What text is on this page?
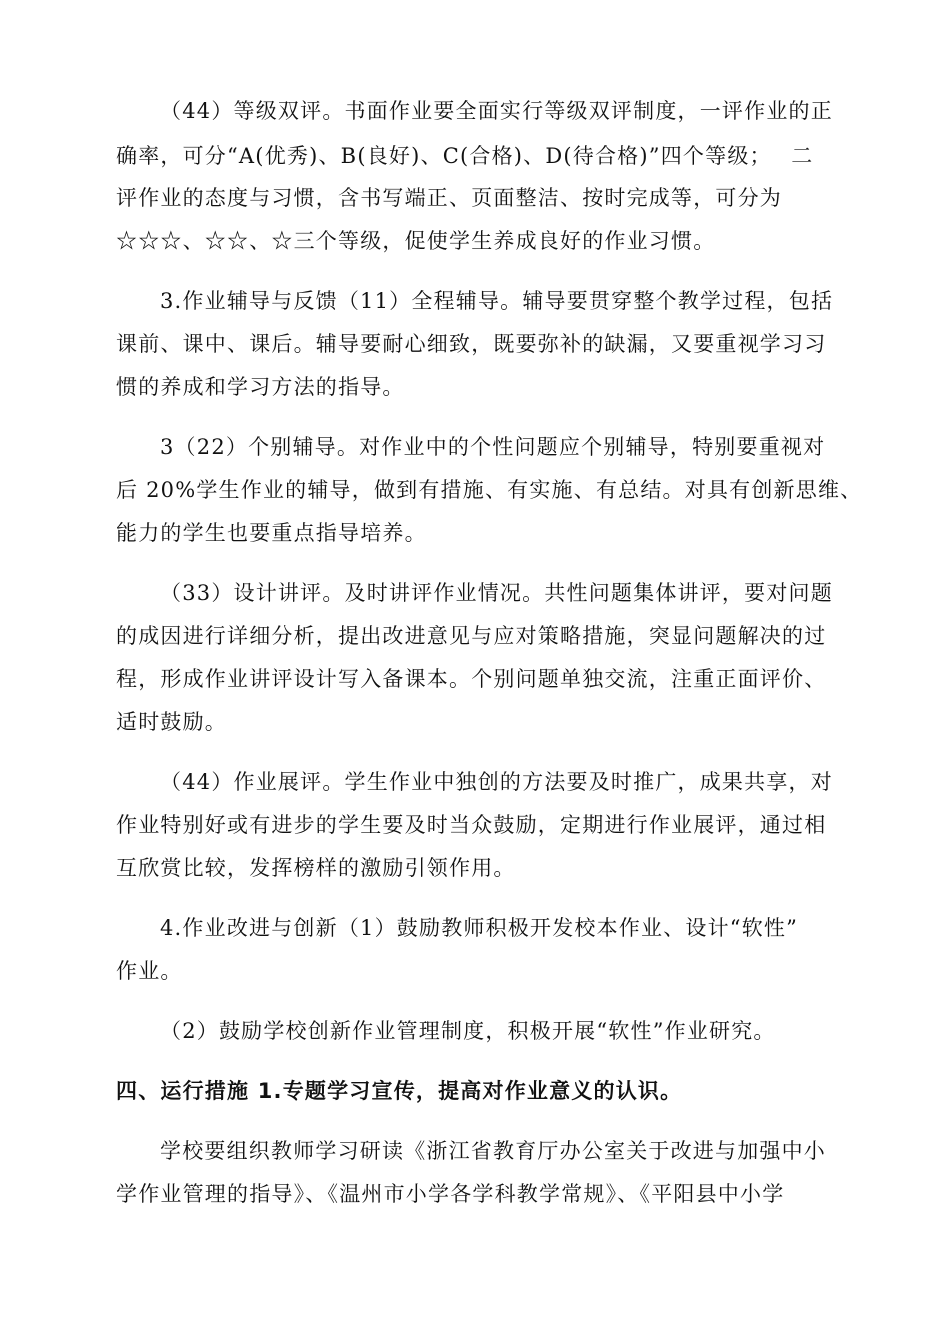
（44）等级双评。书面作业要全面实行等级双评制度，一评作业的正
确率，可分“A(优秀)、B(良好)、C(合格)、D(待合格)”四个等级；　 二
评作业的态度与习惯，含书写端正、页面整洁、按时完成等，可分为
☆☆☆、☆☆、☆三个等级，促使学生养成良好的作业习惯。
3.作业辅导与反馈（11）全程辅导。辅导要贯穿整个教学过程，包括
课前、课中、课后。辅导要耐心细致，既要弥补的缺漏，又要重视学习习
惯的养成和学习方法的指导。
3（22）个别辅导。对作业中的个性问题应个别辅导，特别要重视对
后 20%学生作业的辅导，做到有措施、有实施、有总结。对具有创新思维、
能力的学生也要重点指导培养。
（33）设计讲评。及时讲评作业情况。共性问题集体讲评，要对问题
的成因进行详细分析，提出改进意见与应对策略措施，突显问题解决的过
程，形成作业讲评设计写入备课本。个别问题单独交流，注重正面评价、
适时鼓励。
（44）作业展评。学生作业中独创的方法要及时推广，成果共享，对
作业特别好或有进步的学生要及时当众鼓励，定期进行作业展评，通过相
互欣赏比较，发挥榜样的激励引领作用。
4.作业改进与创新（1）鼓励教师积极开发校本作业、设计“软性”
作业。
（2）鼓励学校创新作业管理制度，积极开展“软性”作业研究。
四、运行措施 1.专题学习宣传，提高对作业意义的认识。
学校要组织教师学习研读《浙江省教育厅办公室关于改进与加强中小
学作业管理的指导》、《温州市小学各学科教学常规》、《平阳县中小学
